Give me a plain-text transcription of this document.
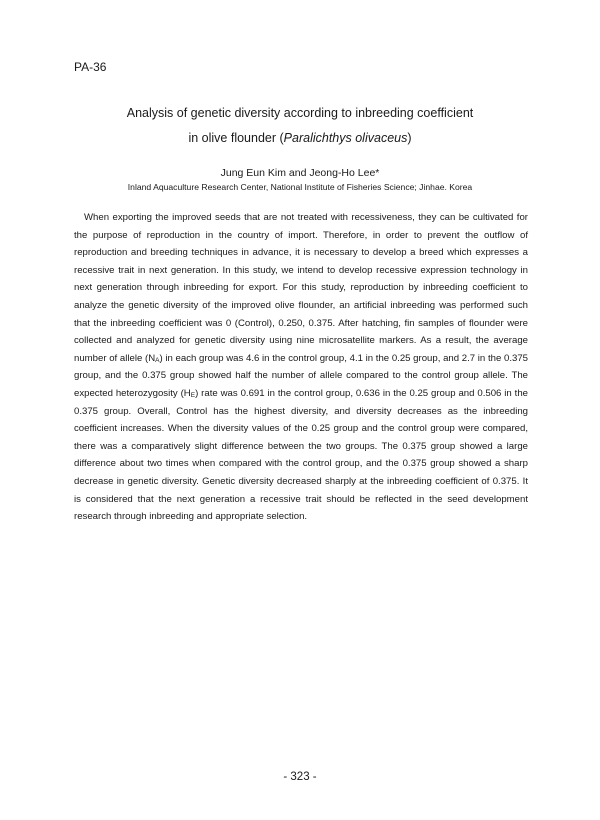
PA-36
Analysis of genetic diversity according to inbreeding coefficient
in olive flounder (Paralichthys olivaceus)
Jung Eun Kim and Jeong-Ho Lee*
Inland Aquaculture Research Center, National Institute of Fisheries Science; Jinhae. Korea

When exporting the improved seeds that are not treated with recessiveness, they can be cultivated for the purpose of reproduction in the country of import. Therefore, in order to prevent the outflow of reproduction and breeding techniques in advance, it is necessary to develop a breed which expresses a recessive trait in next generation. In this study, we intend to develop recessive expression technology in next generation through inbreeding for export. For this study, reproduction by inbreeding coefficient to analyze the genetic diversity of the improved olive flounder, an artificial inbreeding was performed such that the inbreeding coefficient was 0 (Control), 0.250, 0.375. After hatching, fin samples of flounder were collected and analyzed for genetic diversity using nine microsatellite markers. As a result, the average number of allele $(N_A)$ in each group was 4.6 in the control group, 4.1 in the 0.25 group, and 2.7 in the 0.375 group, and the 0.375 group showed half the number of allele compared to the control group allele. The expected heterozygosity $(H_E)$ rate was 0.691 in the control group, 0.636 in the 0.25 group and 0.506 in the 0.375 group. Overall, Control has the highest diversity, and diversity decreases as the inbreeding coefficient increases. When the diversity values of the 0.25 group and the control group were compared, there was a comparatively slight difference between the two groups. The 0.375 group showed a large difference about two times when compared with the control group, and the 0.375 group showed a sharp decrease in genetic diversity. Genetic diversity decreased sharply at the inbreeding coefficient of 0.375. It is considered that the next generation a recessive trait should be reflected in the seed development research through inbreeding and appropriate selection.

- 323 -
